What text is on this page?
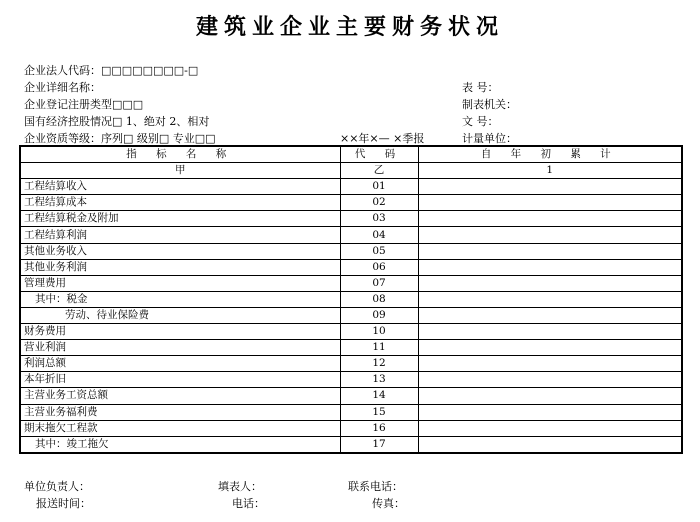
建筑业企业主要财务状况
企业法人代码：□□□□□□□□-□
企业详细名称：
企业登记注册类型□□□
国有经济控股情况□ 1、绝对 2、相对
企业资质等级：序列□ 级别□ 专业□□	××年×— ×季报
表 号：
制表机关：
文 号：
计量单位：
指 标 名 称	代 码	自 年 初 累 计
甲	乙	1
工程结算收入	01	
工程结算成本	02	
工程结算税金及附加	03	
工程结算利润	04	
其他业务收入	05	
其他业务利润	06	
管理费用	07	
其中：税金	08	
劳动、待业保险费	09	
财务费用	10	
营业利润	11	
利润总额	12	
本年折旧	13	
主营业务工资总额	14	
主营业务福利费	15	
期末拖欠工程款	16	
其中：竣工拖欠	17	
单位负责人：	填表人：	联系电话：
报送时间：	电话：	传真：
